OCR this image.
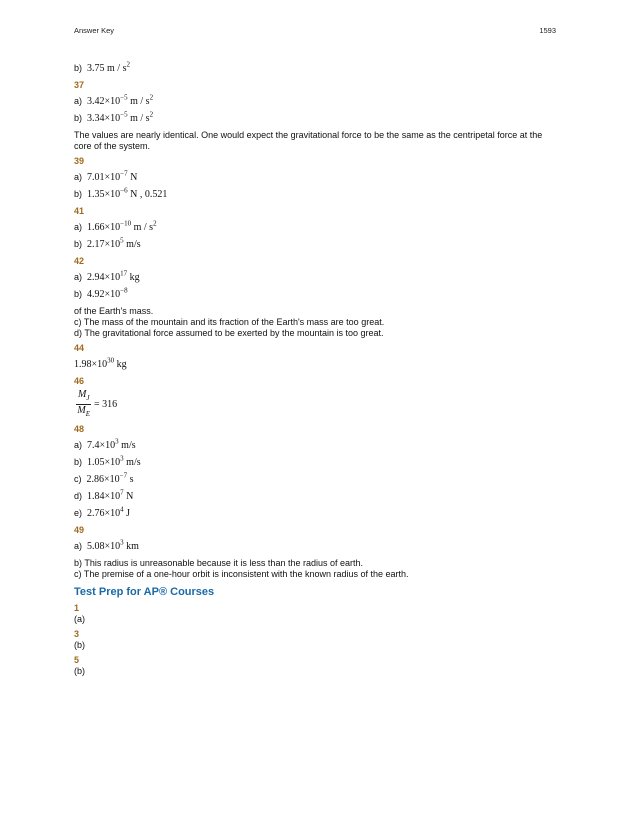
Answer Key	1593
b) 3.75 m / $s^2$
37
a) $3.42\times 10^{-5}$ m / $s^2$
b) $3.34\times 10^{-5}$ m / $s^2$
The values are nearly identical. One would expect the gravitational force to be the same as the centripetal force at the core of the system.
39
a) $7.01\times 10^{-7}$ N
b) $1.35\times 10^{-6}$ N , 0.521
41
a) $1.66\times 10^{-10}$ m / $s^2$
b) $2.17\times 10^5$ m/s
42
a) $2.94\times 10^{17}$ kg
b) $4.92\times 10^{-8}$
of the Earth's mass.
c) The mass of the mountain and its fraction of the Earth's mass are too great.
d) The gravitational force assumed to be exerted by the mountain is too great.
44
$1.98\times 10^{30}$ kg
46
$\frac{M_J}{M_E} = 316$
48
a) $7.4\times 10^3$ m/s
b) $1.05\times 10^3$ m/s
c) $2.86\times 10^{-7}$ s
d) $1.84\times 10^7$ N
e) $2.76\times 10^4$ J
49
a) $5.08\times 10^3$ km
b) This radius is unreasonable because it is less than the radius of earth.
c) The premise of a one-hour orbit is inconsistent with the known radius of the earth.
Test Prep for AP® Courses
1
(a)
3
(b)
5
(b)
